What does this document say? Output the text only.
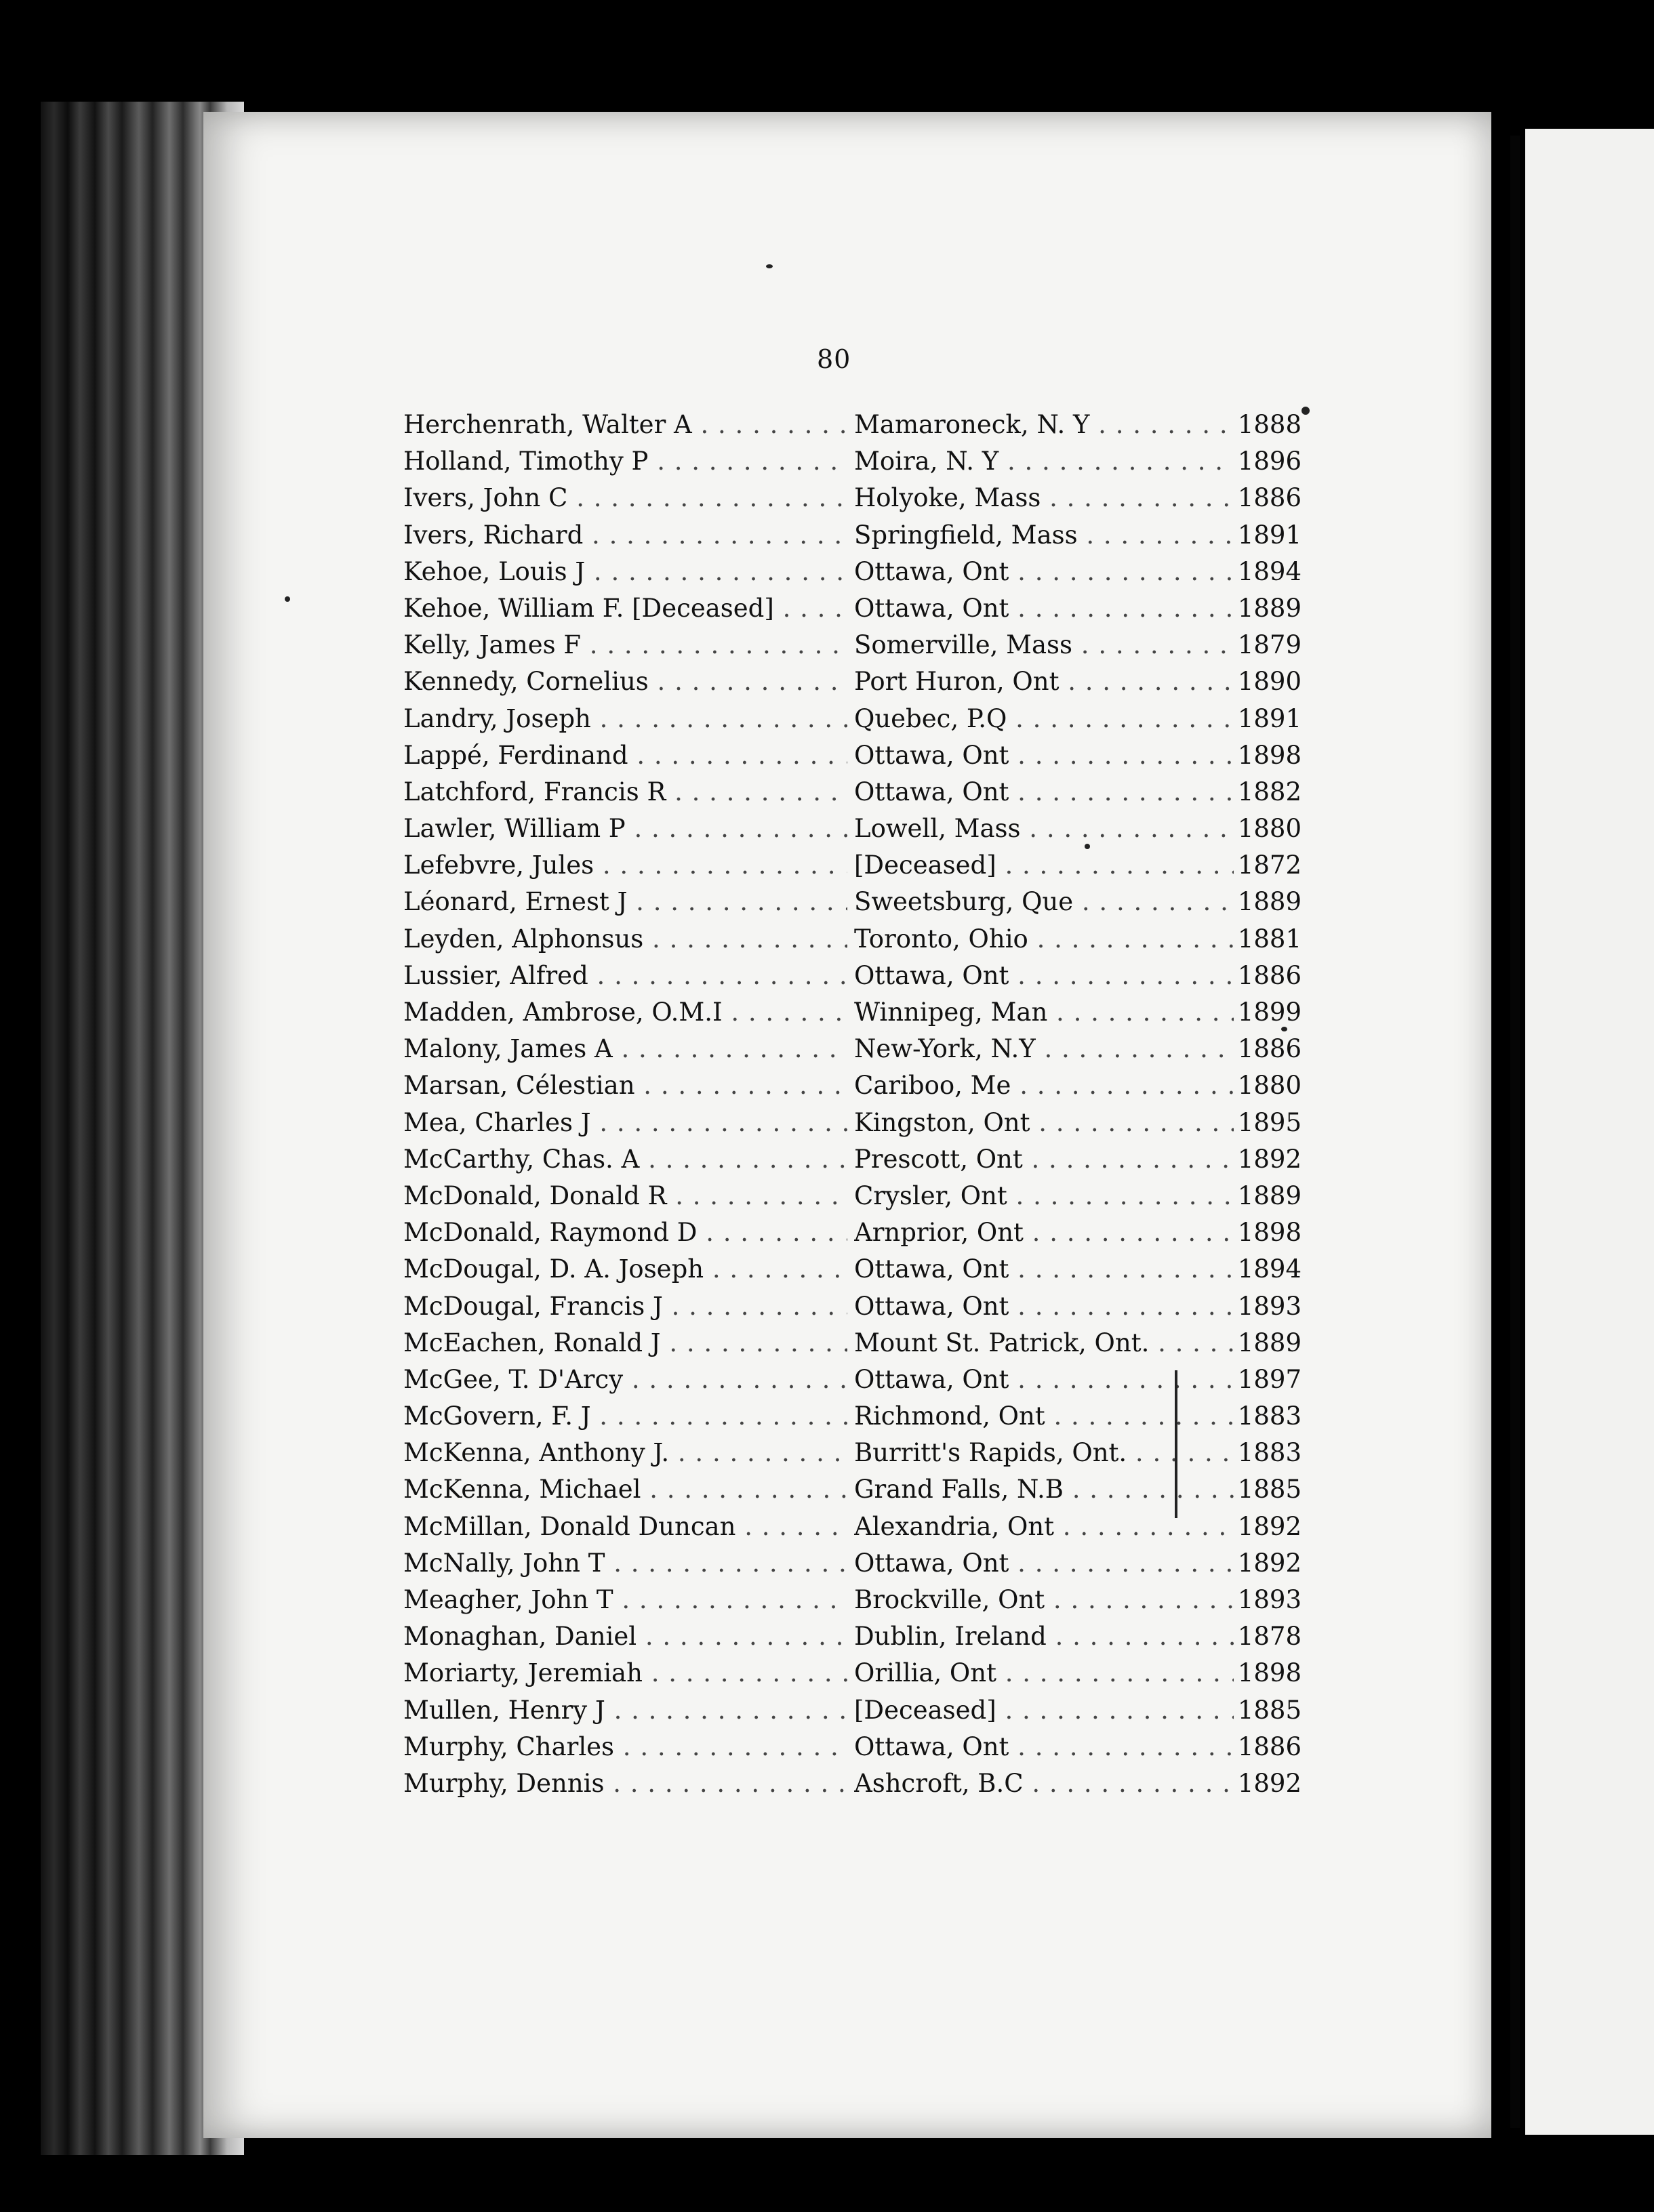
80
Herchenrath, Walter A . . .	Mamaroneck, N. Y . . .	1888
Holland, Timothy P . . .	Moira, N. Y . . .	1896
Ivers, John C . . .	Holyoke, Mass . . .	1886
Ivers, Richard . . .	Springfield, Mass . . .	1891
Kehoe, Louis J . . .	Ottawa, Ont . . .	1894
Kehoe, William F. [Deceased] . . .	Ottawa, Ont . . .	1889
Kelly, James F . . .	Somerville, Mass . . .	1879
Kennedy, Cornelius . . .	Port Huron, Ont . . .	1890
Landry, Joseph . . .	Quebec, P.Q . . .	1891
Lappé, Ferdinand . . .	Ottawa, Ont . . .	1898
Latchford, Francis R . . .	Ottawa, Ont . . .	1882
Lawler, William P . . .	Lowell, Mass . . .	1880
Lefebvre, Jules . . .	[Deceased] . . .	1872
Léonard, Ernest J . . .	Sweetsburg, Que . . .	1889
Leyden, Alphonsus . . .	Toronto, Ohio . . .	1881
Lussier, Alfred . . .	Ottawa, Ont . . .	1886
Madden, Ambrose, O.M.I . . .	Winnipeg, Man . . .	1899
Malony, James A . . .	New-York, N.Y . . .	1886
Marsan, Célestian . . .	Cariboo, Me . . .	1880
Mea, Charles J . . .	Kingston, Ont . . .	1895
McCarthy, Chas. A . . .	Prescott, Ont . . .	1892
McDonald, Donald R . . .	Crysler, Ont . . .	1889
McDonald, Raymond D . . .	Arnprior, Ont . . .	1898
McDougal, D. A. Joseph . . .	Ottawa, Ont . . .	1894
McDougal, Francis J . . .	Ottawa, Ont . . .	1893
McEachen, Ronald J . . .	Mount St. Patrick, Ont. . . .	1889
McGee, T. D'Arcy . . .	Ottawa, Ont . . .	1897
McGovern, F. J . . .	Richmond, Ont . . .	1883
McKenna, Anthony J. . . .	Burritt's Rapids, Ont. . . .	1883
McKenna, Michael . . .	Grand Falls, N.B . . .	1885
McMillan, Donald Duncan . . .	Alexandria, Ont . . .	1892
McNally, John T . . .	Ottawa, Ont . . .	1892
Meagher, John T . . .	Brockville, Ont . . .	1893
Monaghan, Daniel . . .	Dublin, Ireland . . .	1878
Moriarty, Jeremiah . . .	Orillia, Ont . . .	1898
Mullen, Henry J . . .	[Deceased] . . .	1885
Murphy, Charles . . .	Ottawa, Ont . . .	1886
Murphy, Dennis . . .	Ashcroft, B.C . . .	1892
